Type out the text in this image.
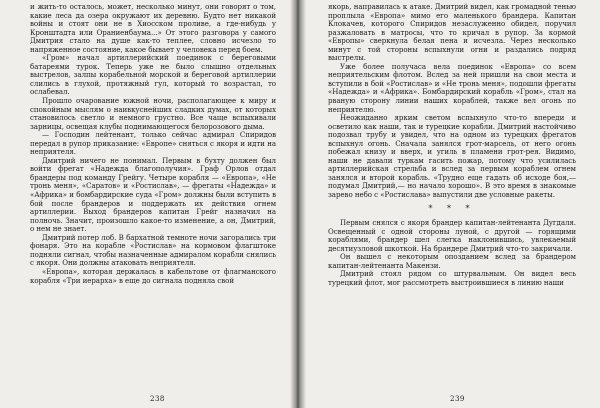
и жить-то осталось, может, несколько минут, они говорят о том, какие леса да озера окружают их деревню. Будто нет никакой войны и стоят они не в Хиосском проливе, а где-нибудь у Кронштадта или Ораниенбаума...» От этого разговора у самого Дмитрия стало на душе как-то теплее, словно исчезло то напряженное состояние, какое бывает у человека перед боем.

«Гром» начал артиллерийский поединок с береговыми батареями турок. Теперь уже не было слышно отдельных выстрелов, залпы корабельной морской и береговой артиллерии слились в глухой, протяжный гул, который то возрастал, то ослабевал.

Прошло очарование южной ночи, располагающее к миру и спокойным мыслям о наивкуснейших сладких думах, от которых становилось светло и немного грустно. Все чаще вспыхивали зарницы, освещая клубы поднимающегося белорозового дыма.

— Господин лейтенант, только сейчас адмирал Спиридов передал в рупор приказание: «Европе» сняться с якоря и идти на неприятеля.

Дмитрий ничего не понимал. Первым в бухту должен был войти фрегат «Надежда благополучия». Граф Орлов отдал брандеры под команду Грейгу. Четыре корабля — «Европа», «Не тронь меня», «Саратов» и «Ростислав», — фрегаты «Надежда» и «Африка» и бомбардирские суда «Гром» должны были вступить в бой после брандеров и поддержать их действия огнем артиллерии. Выход брандеров капитан Грейг назначил на полночь. Значит, произошло какое-то изменение, а он, Дмитрий, о нем не знает.

Дмитрий потер лоб. В бархатной темноте ночи загорались три фонаря. Это на корабле «Ростислав» на кормовом флагштоке подняли сигнал, чтобы назначенные адмиралом корабли снялись с якоря. Они должны атаковать неприятеля.

«Европа», которая держалась в кабельтове от флагманского корабля «Три иерарха» в еще до сигнала подняла свой

238

якорь, направилась к атаке. Дмитрий видел, как громадной тенью проплыла «Европа» мимо его маленького брандера. Капитан Клокачев, которого Спиридов незаслуженно обидел, поручил разжаловать в матросы, что то кричал в рупор. За кормой «Европы» сверкнула белая пена и исчезла. Через несколько минут с той стороны вспыхнули огни и раздались подряд выстрелы.

Уже более получаса вела поединок «Европа» со всем неприятельским флотом. Вслед за ней пришли на свои места и вступили в бой «Ростислав» и «Не тронь меня», подошли фрегаты «Надежда» и «Африка». Бомбардирский корабль «Гром», стал на рваную сторону линии наших кораблей, также вел огонь по неприятелю.

Неожиданно ярким светом вспыхнуло что-то впереди и осветило как наши, так и турецкие корабли. Дмитрий настойчиво подозвал трубу и увидел, что на одном из турецких фрегатов вспыхнул огонь. Сначала занялся грот-марсель, от него огонь побежал книзу и вверх, и угиль в пламени грот-рея. Видимо, наши не давали туркам гасить пожар, потому что усилилась артиллерийская стрельба и вслед за первым кораблем огнем занялся и второй корабль. «Трудно еще гадать об исходе боя,— подумал Дмитрий,— но начало хорошо». В это время в знакомые зарево небо с «Ростислава» выпустили две условные ракеты.

* * *

Первым снялся с якоря брандер капитан-лейтенанта Дугдаля. Освещенный с одной стороны луной, с другой — горящими кораблями, брандер шел слегка наклонившись, увлекаемый десятиузловой шкоткой. На брандере Дмитрий что-то закричали.

Он вышел с некоторым опозданием вслед за брандером капитан-лейтенанта Макензи.

Дмитрий стоял рядом со штурвальным. Он видел весь турецкий флот, мог рассмотреть выстроившиеся в линию наши

239
